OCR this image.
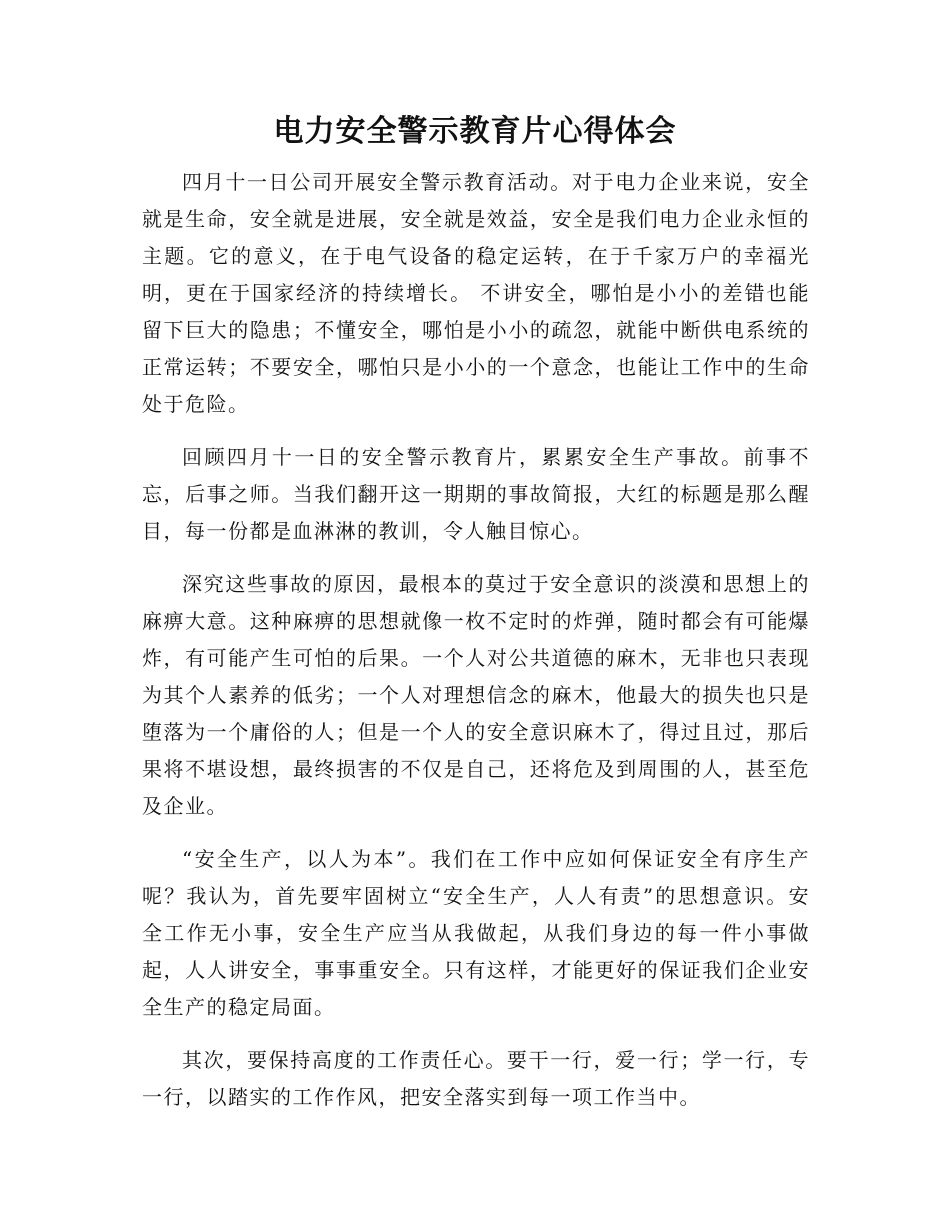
电力安全警示教育片心得体会

四月十一日公司开展安全警示教育活动。对于电力企业来说，安全就是生命，安全就是进展，安全就是效益，安全是我们电力企业永恒的主题。它的意义，在于电气设备的稳定运转，在于千家万户的幸福光明，更在于国家经济的持续增长。 不讲安全，哪怕是小小的差错也能留下巨大的隐患；不懂安全，哪怕是小小的疏忽，就能中断供电系统的正常运转；不要安全，哪怕只是小小的一个意念，也能让工作中的生命处于危险。

回顾四月十一日的安全警示教育片，累累安全生产事故。前事不忘，后事之师。当我们翻开这一期期的事故简报，大红的标题是那么醒目，每一份都是血淋淋的教训，令人触目惊心。

深究这些事故的原因，最根本的莫过于安全意识的淡漠和思想上的麻痹大意。这种麻痹的思想就像一枚不定时的炸弹，随时都会有可能爆炸，有可能产生可怕的后果。一个人对公共道德的麻木，无非也只表现为其个人素养的低劣；一个人对理想信念的麻木，他最大的损失也只是堕落为一个庸俗的人；但是一个人的安全意识麻木了，得过且过，那后果将不堪设想，最终损害的不仅是自己，还将危及到周围的人，甚至危及企业。

“安全生产，以人为本”。我们在工作中应如何保证安全有序生产呢？我认为，首先要牢固树立“安全生产，人人有责”的思想意识。安全工作无小事，安全生产应当从我做起，从我们身边的每一件小事做起，人人讲安全，事事重安全。只有这样，才能更好的保证我们企业安全生产的稳定局面。

其次，要保持高度的工作责任心。要干一行，爱一行；学一行，专一行，以踏实的工作作风，把安全落实到每一项工作当中。
